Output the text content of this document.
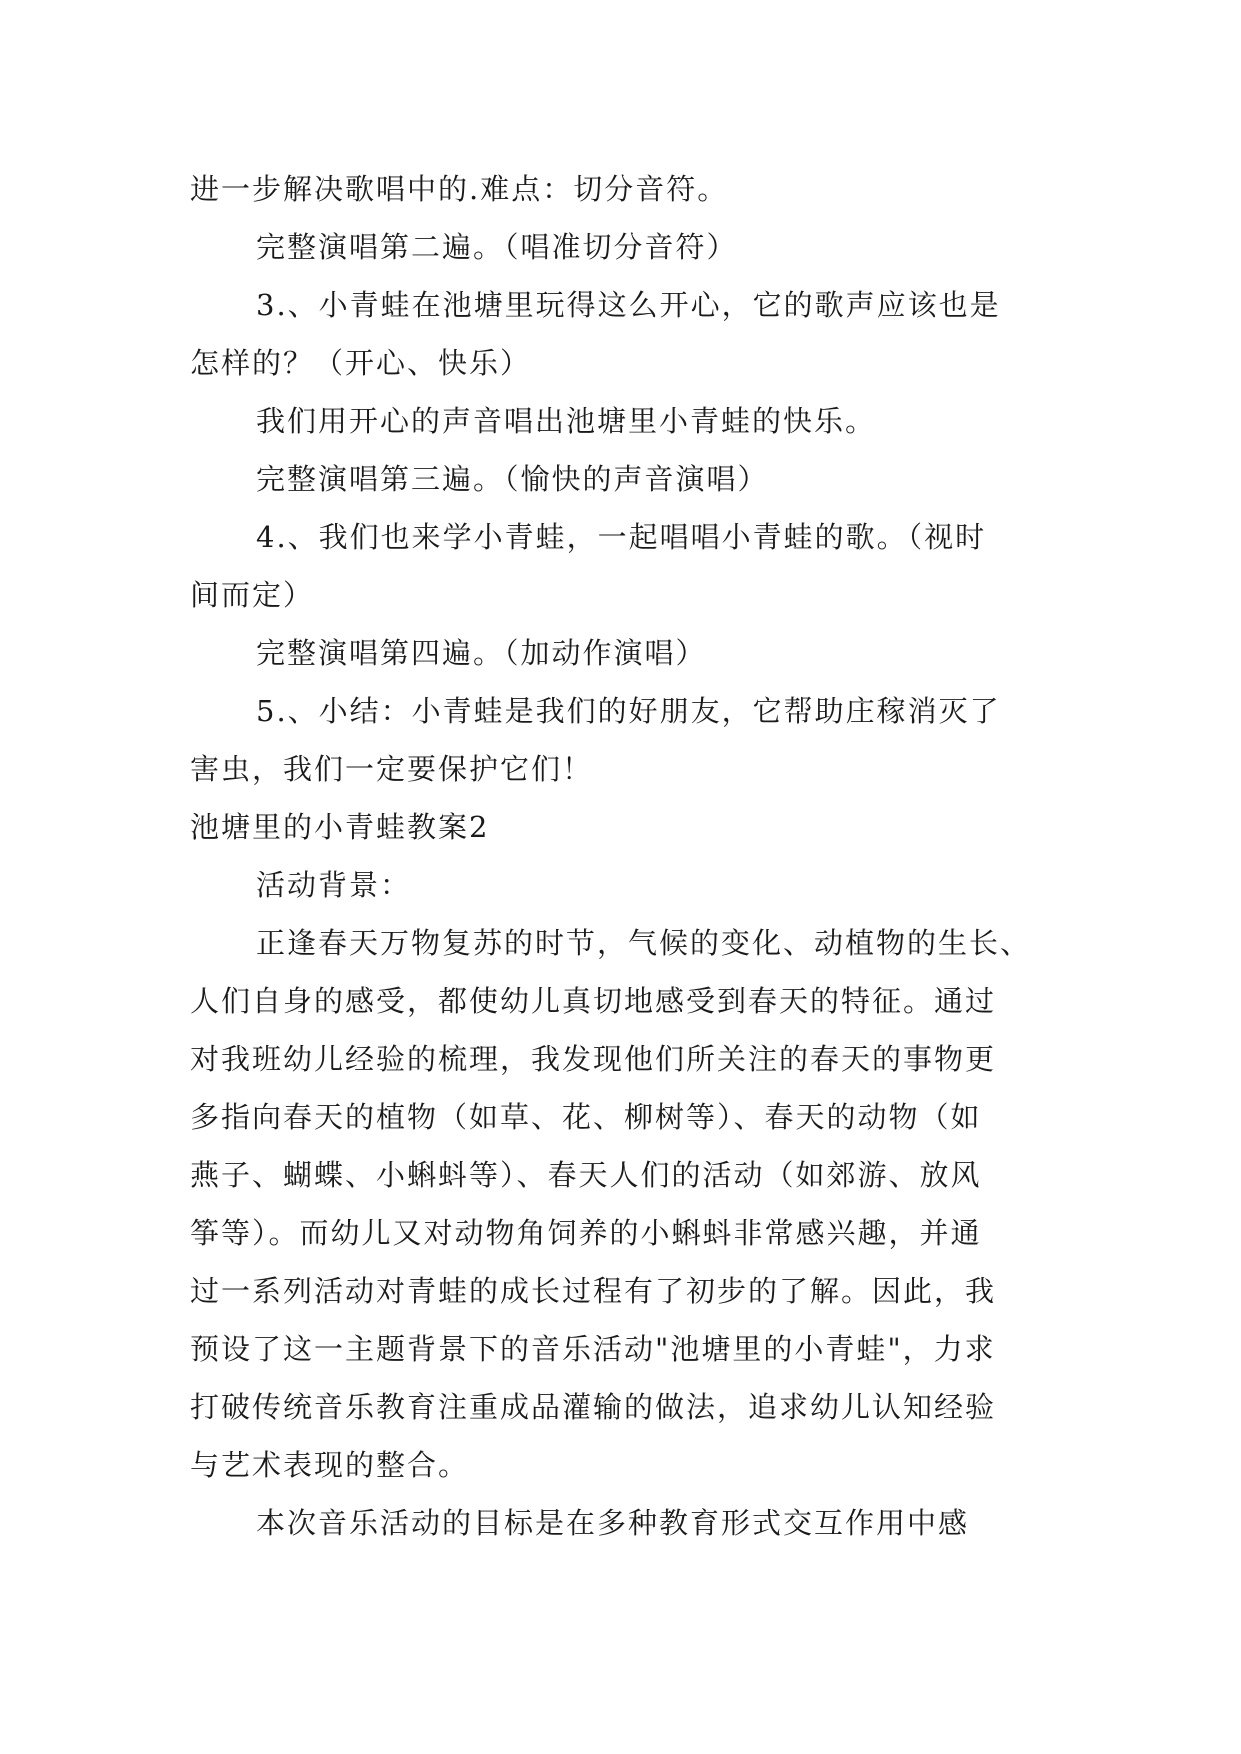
进一步解决歌唱中的.难点：切分音符。
完整演唱第二遍。（唱准切分音符）
3.、小青蛙在池塘里玩得这么开心，它的歌声应该也是
怎样的？（开心、快乐）
我们用开心的声音唱出池塘里小青蛙的快乐。
完整演唱第三遍。（愉快的声音演唱）
4.、我们也来学小青蛙，一起唱唱小青蛙的歌。（视时
间而定）
完整演唱第四遍。（加动作演唱）
5.、小结：小青蛙是我们的好朋友，它帮助庄稼消灭了
害虫，我们一定要保护它们！
池塘里的小青蛙教案2
活动背景：
正逢春天万物复苏的时节，气候的变化、动植物的生长、
人们自身的感受，都使幼儿真切地感受到春天的特征。通过
对我班幼儿经验的梳理，我发现他们所关注的春天的事物更
多指向春天的植物（如草、花、柳树等）、春天的动物（如
燕子、蝴蝶、小蝌蚪等）、春天人们的活动（如郊游、放风
筝等）。而幼儿又对动物角饲养的小蝌蚪非常感兴趣，并通
过一系列活动对青蛙的成长过程有了初步的了解。因此，我
预设了这一主题背景下的音乐活动"池塘里的小青蛙"，力求
打破传统音乐教育注重成品灌输的做法，追求幼儿认知经验
与艺术表现的整合。
本次音乐活动的目标是在多种教育形式交互作用中感
